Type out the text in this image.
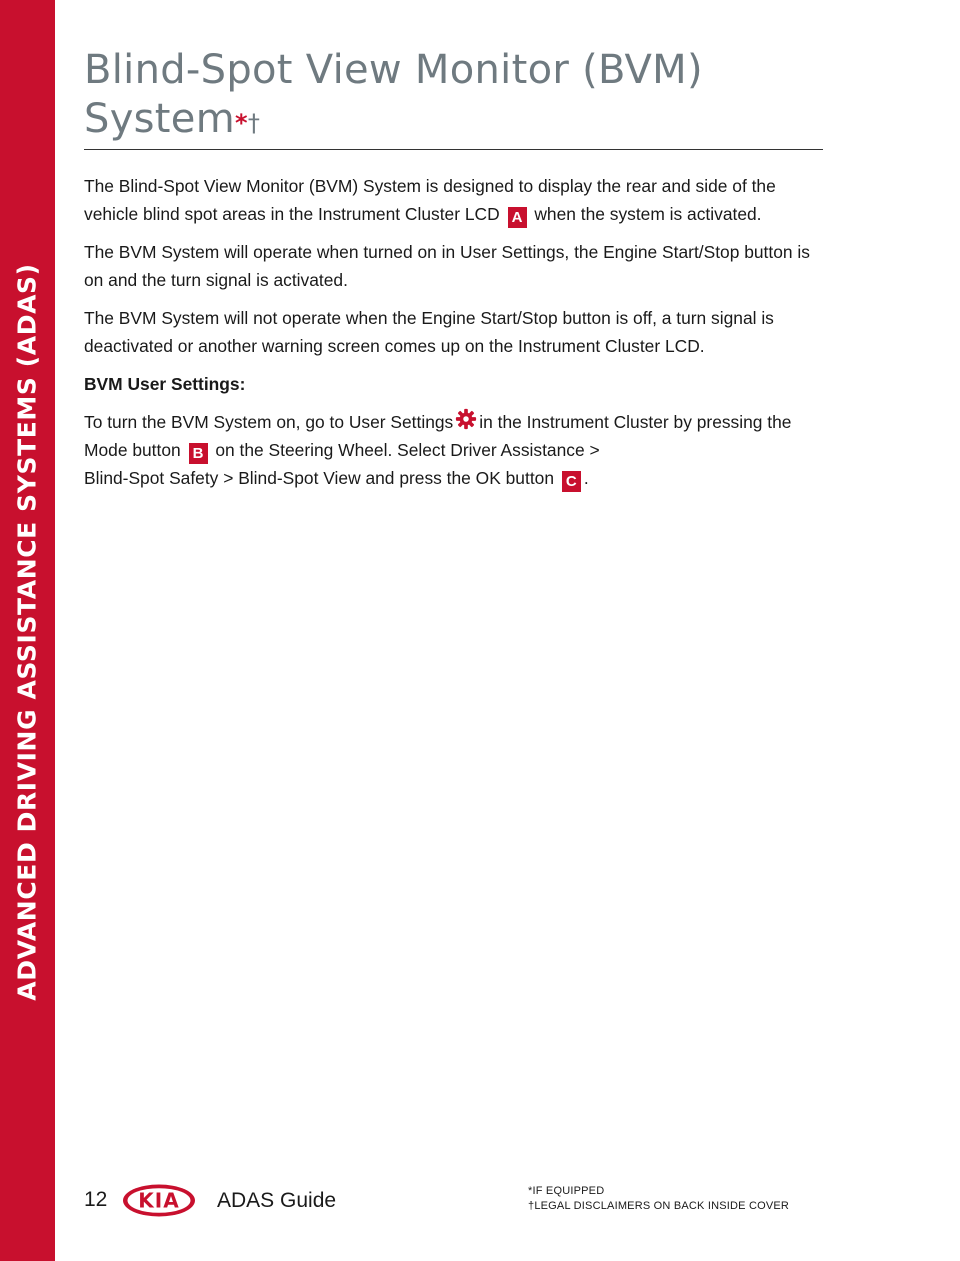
ADVANCED DRIVING ASSISTANCE SYSTEMS (ADAS)
Blind-Spot View Monitor (BVM)
System*†

The Blind-Spot View Monitor (BVM) System is designed to display the rear and side of the vehicle blind spot areas in the Instrument Cluster LCD A when the system is activated.

The BVM System will operate when turned on in User Settings, the Engine Start/Stop button is on and the turn signal is activated.

The BVM System will not operate when the Engine Start/Stop button is off, a turn signal is deactivated or another warning screen comes up on the Instrument Cluster LCD.

BVM User Settings:

To turn the BVM System on, go to User Settings in the Instrument Cluster by pressing the Mode button B on the Steering Wheel. Select Driver Assistance >
Blind-Spot Safety > Blind-Spot View and press the OK button C .

12 KIA ADAS Guide	*IF EQUIPPED
†LEGAL DISCLAIMERS ON BACK INSIDE COVER
